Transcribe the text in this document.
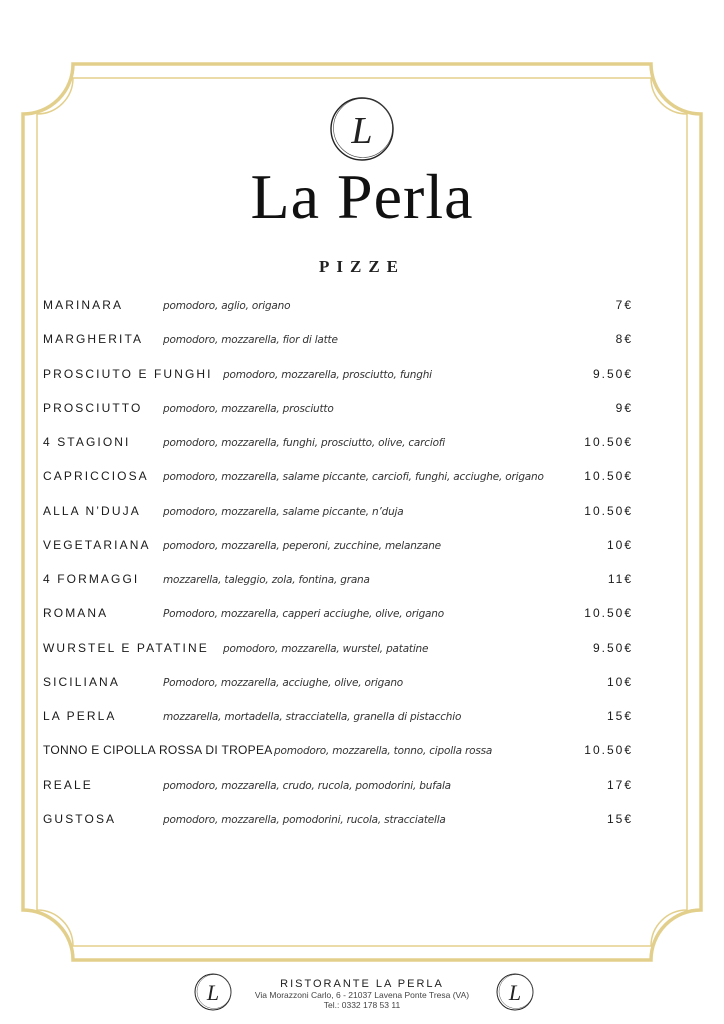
L
La Perla
PIZZE
MARINARA	pomodoro, aglio, origano	7€
MARGHERITA pomodoro, mozzarella, fior di latte	8€
PROSCIUTO E FUNGHI pomodoro, mozzarella, prosciutto, funghi	9.50€
PROSCIUTTO pomodoro, mozzarella, prosciutto	9€
4 STAGIONI	pomodoro, mozzarella, funghi, prosciutto, olive, carciofi	10.50€
CAPRICCIOSA pomodoro, mozzarella, salame piccante, carciofi, funghi, acciughe, origano	10.50€
ALLA N’DUJA pomodoro, mozzarella, salame piccante, n’duja	10.50€
VEGETARIANA pomodoro, mozzarella, peperoni, zucchine, melanzane	10€
4 FORMAGGI mozzarella, taleggio, zola, fontina, grana	11€
ROMANA	Pomodoro, mozzarella, capperi acciughe, olive, origano	10.50€
WURSTEL E PATATINE pomodoro, mozzarella, wurstel, patatine	9.50€
SICILIANA	Pomodoro, mozzarella, acciughe, olive, origano	10€
LA PERLA	mozzarella, mortadella, stracciatella, granella di pistacchio	15€
TONNO E CIPOLLA ROSSA DI TROPEA pomodoro, mozzarella, tonno, cipolla rossa	10.50€
REALE	pomodoro, mozzarella, crudo, rucola, pomodorini, bufala	17€
GUSTOSA	pomodoro, mozzarella, pomodorini, rucola, stracciatella	15€
L	L
RISTORANTE LA PERLA
Via Morazzoni Carlo, 6 - 21037 Lavena Ponte Tresa (VA)
Tel.: 0332 178 53 11
